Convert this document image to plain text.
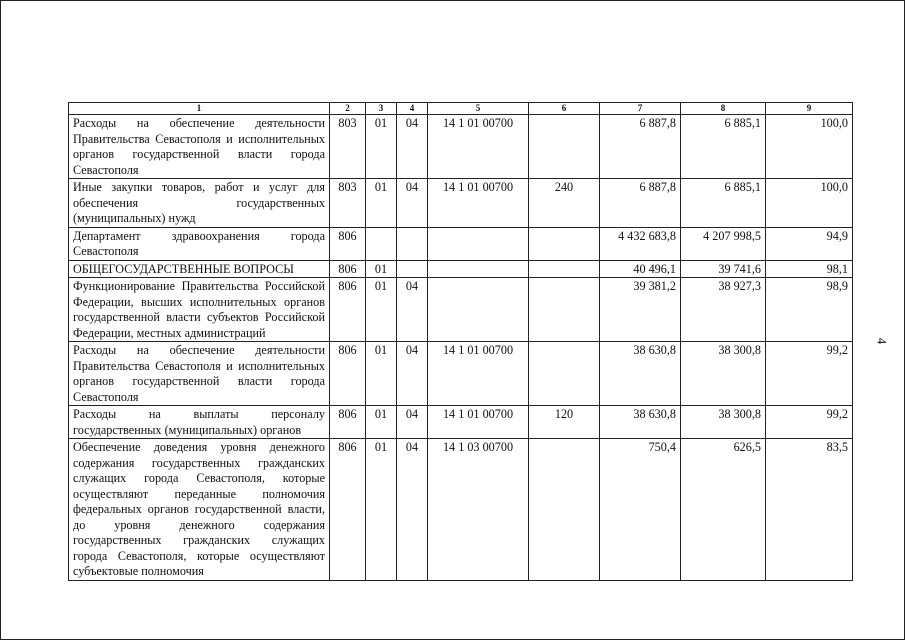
1	2	3	4	5	6	7	8	9
Расходы на обеспечение деятельности Правительства Севастополя и исполнительных органов государственной власти города Севастополя	803	01	04	14 1 01 00700		6 887,8	6 885,1	100,0
Иные закупки товаров, работ и услуг для обеспечения государственных (муниципальных) нужд	803	01	04	14 1 01 00700	240	6 887,8	6 885,1	100,0
Департамент здравоохранения города Севастополя	806					4 432 683,8	4 207 998,5	94,9
ОБЩЕГОСУДАРСТВЕННЫЕ ВОПРОСЫ	806	01				40 496,1	39 741,6	98,1
Функционирование Правительства Российской Федерации, высших исполнительных органов государственной власти субъектов Российской Федерации, местных администраций	806	01	04			39 381,2	38 927,3	98,9
Расходы на обеспечение деятельности Правительства Севастополя и исполнительных органов государственной власти города Севастополя	806	01	04	14 1 01 00700		38 630,8	38 300,8	99,2
Расходы на выплаты персоналу государственных (муниципальных) органов	806	01	04	14 1 01 00700	120	38 630,8	38 300,8	99,2
Обеспечение доведения уровня денежного содержания государственных гражданских служащих города Севастополя, которые осуществляют переданные полномочия федеральных органов государственной власти, до уровня денежного содержания государственных гражданских служащих города Севастополя, которые осуществляют субъектовые полномочия	806	01	04	14 1 03 00700		750,4	626,5	83,5
4
